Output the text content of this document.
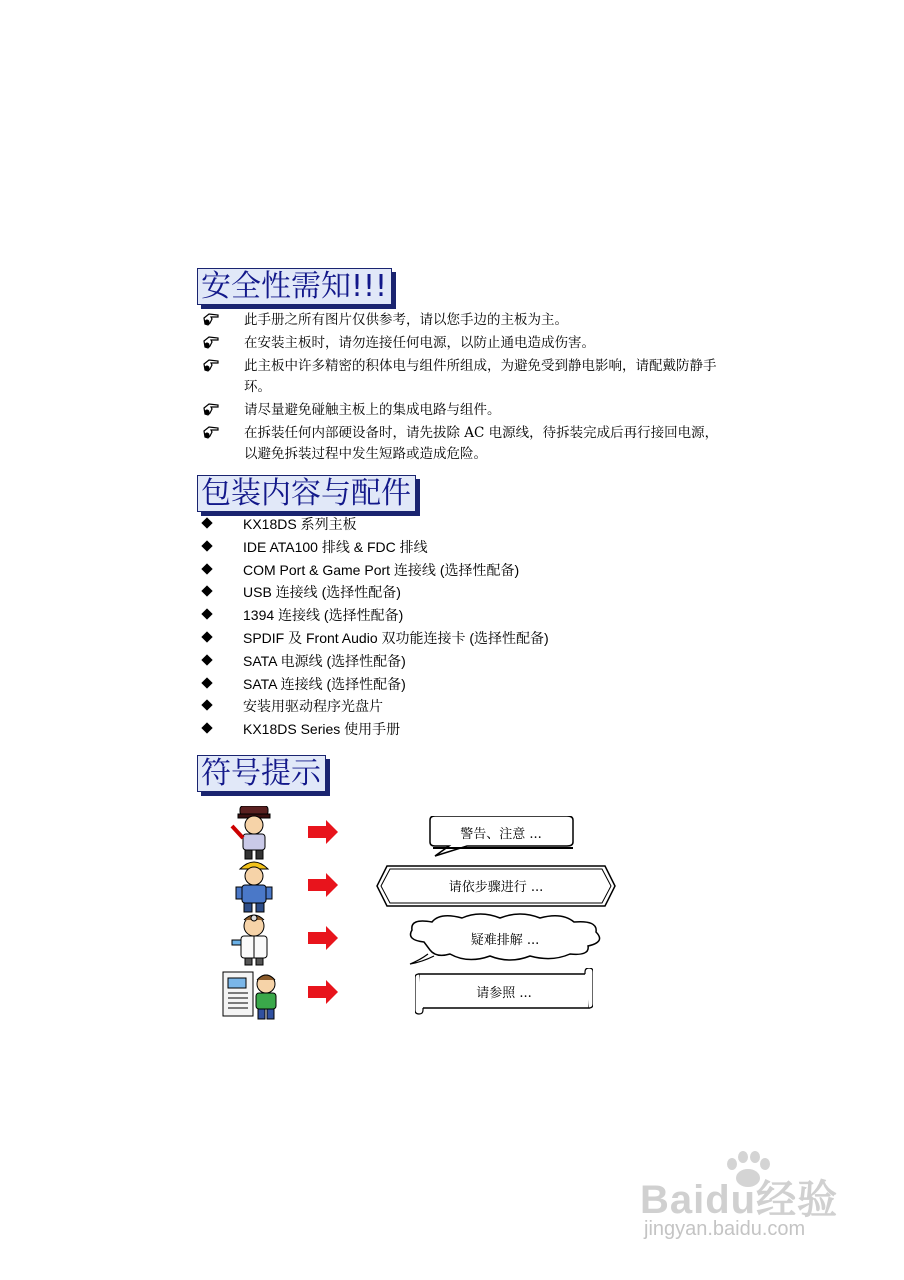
安全性需知!!!
此手册之所有图片仅供参考，请以您手边的主板为主。
在安装主板时，请勿连接任何电源，以防止通电造成伤害。
此主板中许多精密的积体电与组件所组成，为避免受到静电影响，请配戴防静手环。
请尽量避免碰触主板上的集成电路与组件。
在拆装任何内部硬设备时，请先拔除 AC 电源线，待拆装完成后再行接回电源，以避免拆装过程中发生短路或造成危险。
包装内容与配件
KX18DS 系列主板
IDE ATA100 排线 & FDC 排线
COM Port & Game Port 连接线 (选择性配备)
USB 连接线 (选择性配备)
1394 连接线 (选择性配备)
SPDIF 及 Front Audio 双功能连接卡 (选择性配备)
SATA 电源线 (选择性配备)
SATA 连接线 (选择性配备)
安装用驱动程序光盘片
KX18DS Series 使用手册
符号提示
警告、注意 ...
请依步骤进行 ...
疑难排解 ...
请参照 ...
Baidu经验
jingyan.baidu.com
